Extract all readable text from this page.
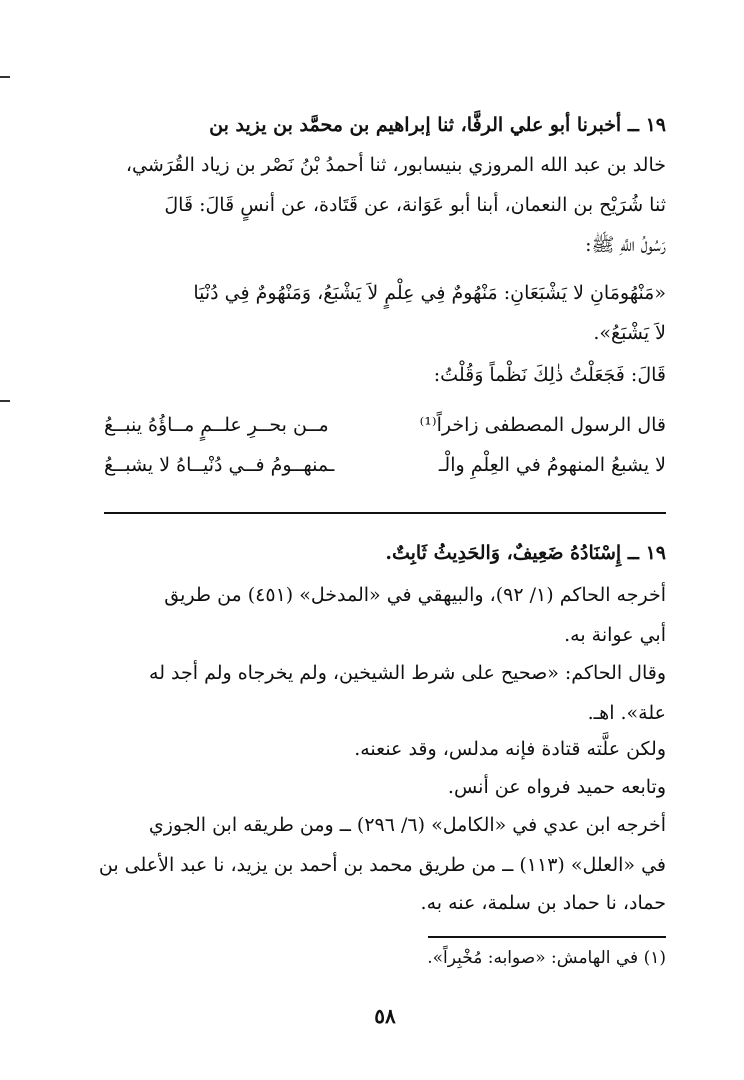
١٩ ــ أخبرنا أبو علي الرفَّا، ثنا إبراهيم بن محمَّد بن يزيد بن
خالد بن عبد الله المروزي بنيسابور، ثنا أحمدُ بْنُ نَصْر بن زياد القُرَشي،
ثنا شُرَيْح بن النعمان، أبنا أبو عَوَانة، عن قَتَادة، عن أنسٍ قَالَ: قَالَ
رَسُولُ اللَّهِ ﷺ:
«مَنْهُومَانِ لا يَشْبَعَانِ: مَنْهُومٌ فِي عِلْمٍ لاَ يَشْبَعُ، وَمَنْهُومٌ فِي دُنْيَا
لاَ يَشْبَعُ».
قَالَ: فَجَعَلْتُ ذٰلِكَ نَظْماً وَقُلْتُ:
قال الرسول المصطفى زاخراً⁽¹⁾
مــن بحــرِ علــمٍ مــاؤُهُ ينبــعُ
لا يشبعُ المنهومُ في العِلْمِ والْـ
ـمنهــومُ فــي دُنْيــاهُ لا يشبــعُ
١٩ ــ إِسْنَادُهُ ضَعِيفٌ، وَالحَدِيثُ ثَابِتٌ.
أخرجه الحاكم (١/ ٩٢)، والبيهقي في «المدخل» (٤٥١) من طريق
أبي عوانة به.
وقال الحاكم: «صحيح على شرط الشيخين، ولم يخرجاه ولم أجد له
علة». اهـ.
ولكن علَّته قتادة فإنه مدلس، وقد عنعنه.
وتابعه حميد فرواه عن أنس.
أخرجه ابن عدي في «الكامل» (٦/ ٢٩٦) ــ ومن طريقه ابن الجوزي
في «العلل» (١١٣) ــ من طريق محمد بن أحمد بن يزيد، نا عبد الأعلى بن
حماد، نا حماد بن سلمة، عنه به.
(١) في الهامش: «صوابه: مُخْبِراً».
٥٨
